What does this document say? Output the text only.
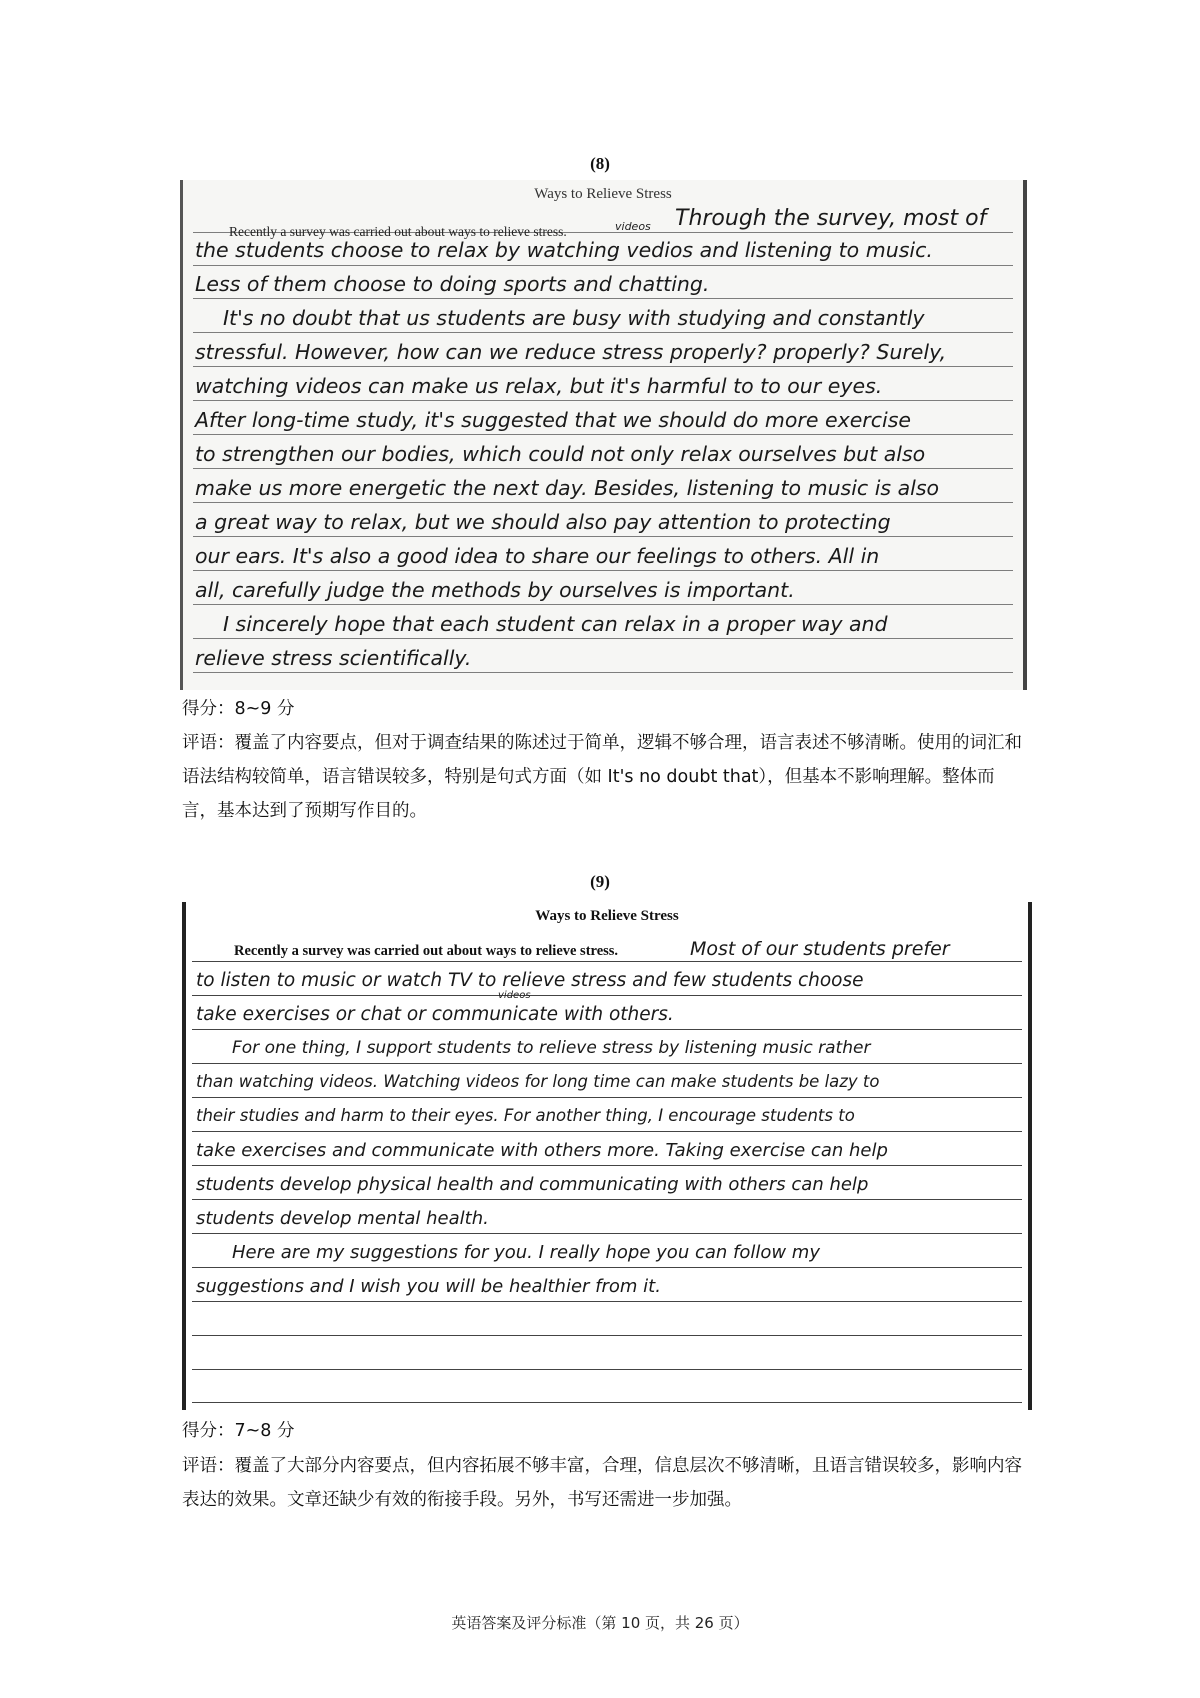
(8)
Ways to Relieve Stress
Recently a survey was carried out about ways to relieve stress.
Through the survey, most of
videos
the students choose to relax by watching vedios and listening to music.
Less of them choose to doing sports and chatting.
It's no doubt that us students are busy with studying and constantly
stressful. However, how can we reduce stress properly? properly? Surely,
watching videos can make us relax, but it's harmful to to our eyes.
After long-time study, it's suggested that we should do more exercise
to strengthen our bodies, which could not only relax ourselves but also
make us more energetic the next day. Besides, listening to music is also
a great way to relax, but we should also pay attention to protecting
our ears. It's also a good idea to share our feelings to others. All in
all, carefully judge the methods by ourselves is important.
I sincerely hope that each student can relax in a proper way and
relieve stress scientifically.
得分：8~9 分
评语：覆盖了内容要点，但对于调查结果的陈述过于简单，逻辑不够合理，语言表述不够清晰。使用的词汇和语法结构较简单，语言错误较多，特别是句式方面（如 It's no doubt that），但基本不影响理解。整体而言，基本达到了预期写作目的。
(9)
Ways to Relieve Stress
Recently a survey was carried out about ways to relieve stress.	Most of our students prefer
videos
to listen to music or watch TV to relieve stress and few students choose
take exercises or chat or communicate with others.
For one thing, I support students to relieve stress by listening music rather
than watching videos. Watching videos for long time can make students be lazy to
their studies and harm to their eyes. For another thing, I encourage students to
take exercises and communicate with others more. Taking exercise can help
students develop physical health and communicating with others can help
students develop mental health.
Here are my suggestions for you. I really hope you can follow my
suggestions and I wish you will be healthier from it.
得分：7~8 分
评语：覆盖了大部分内容要点，但内容拓展不够丰富，合理，信息层次不够清晰，且语言错误较多，影响内容表达的效果。文章还缺少有效的衔接手段。另外，书写还需进一步加强。
英语答案及评分标准（第 10 页，共 26 页）
